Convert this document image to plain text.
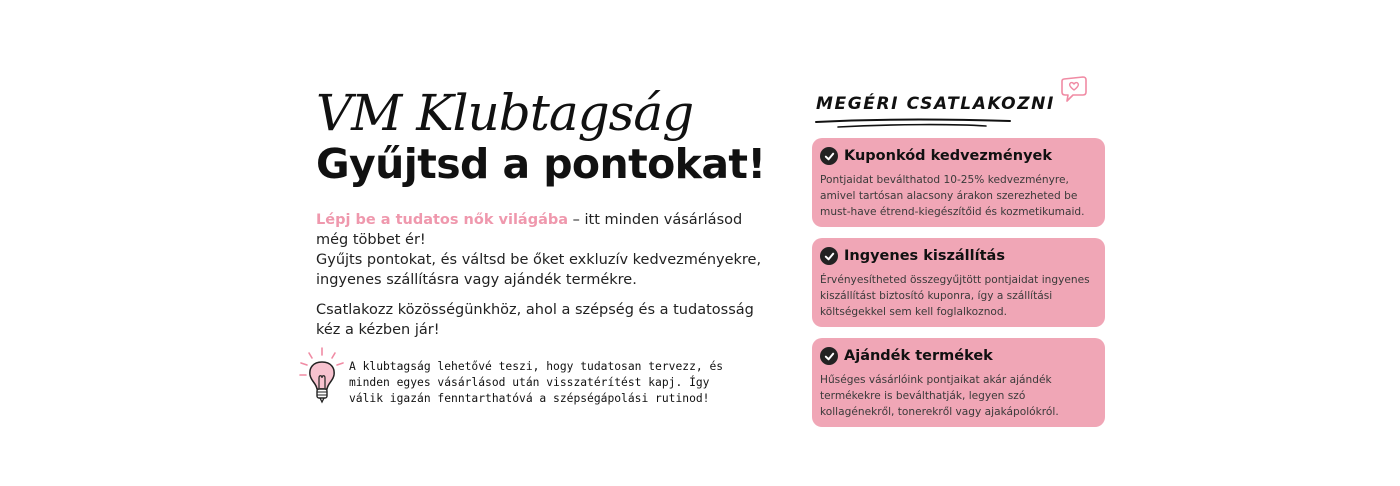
VM Klubtagság
Gyűjtsd a pontokat!

Lépj be a tudatos nők világába – itt minden vásárlásod még többet ér!
Gyűjts pontokat, és váltsd be őket exkluzív kedvezményekre, ingyenes szállításra vagy ajándék termékre.

Csatlakozz közösségünkhöz, ahol a szépség és a tudatosság kéz a kézben jár!

A klubtagság lehetővé teszi, hogy tudatosan tervezz, és minden egyes vásárlásod után visszatérítést kapj. Így válik igazán fenntarthatóvá a szépségápolási rutinod!

MEGÉRI CSATLAKOZNI
Kuponkód kedvezmények

Pontjaidat beválthatod 10-25% kedvezményre, amivel tartósan alacsony árakon szerezheted be must-have étrend-kiegészítőid és kozmetikumaid.

Ingyenes kiszállítás

Érvényesítheted összegyűjtött pontjaidat ingyenes kiszállítást biztosító kuponra, így a szállítási költségekkel sem kell foglalkoznod.

Ajándék termékek

Hűséges vásárlóink pontjaikat akár ajándék termékekre is beválthatják, legyen szó kollagénekről, tonerekről vagy ajakápolókról.
